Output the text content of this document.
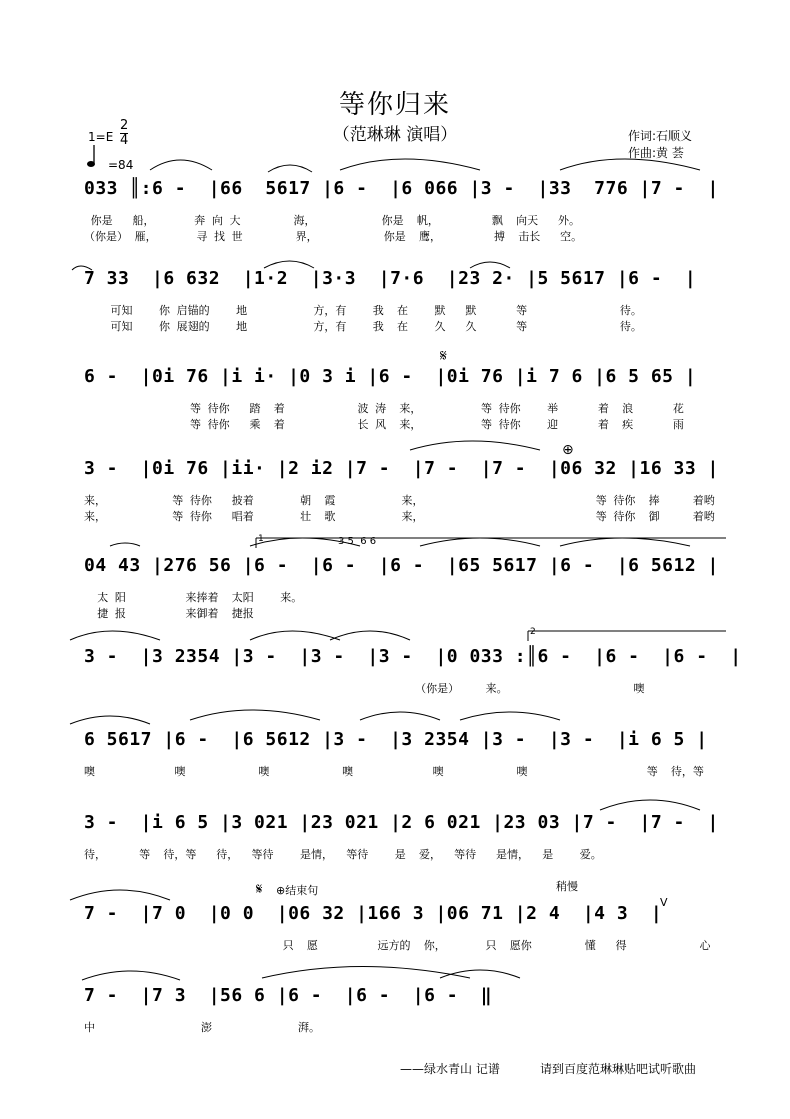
等你归来
（范琳琳 演唱）	作词:石顺义
作曲:黄 荟
1=E
2
4
=84
033 ║:6 -  |66  5617 |6 -  |6 066 |3 -  |33  776 |7 -  |
你是   船，      奔 向 大        海，          你是  帆，        飘  向天   外。
（你是） 雁，      寻 找 世        界，          你是  鹰，        搏  击长   空。
7 33  |6 632  |1·2  |3·3  |7·6  |23 2· |5 5617 |6 -  |
可知    你 启锚的    地          方，有    我  在    默   默      等              待。
可知    你 展翅的    地          方，有    我  在    久   久      等              待。
6 -  |0i 76 |i i· |0 3 i |6 -  |0i 76 |i 7 6 |6 5 65 |
等 待你   踏  着           波 涛  来，         等 待你    举      着  浪      花
等 待你   乘  着           长 风  来，         等 待你    迎      着  疾      雨
3 -  |0i 76 |ii· |2 i2 |7 -  |7 -  |7 -  |06 32 |16 33 |
来，          等 待你   披着       朝  霞          来，                          等 待你  捧     着哟
来，          等 待你   唱着       壮  歌          来，                          等 待你  御     着哟
04 43 |276 56 |6 -  |6 -  |6 -  |65 5617 |6 -  |6 5612 |
太 阳         来捧着  太阳    来。
捷 报         来御着  捷报
3 -  |3 2354 |3 -  |3 -  |3 -  |0 033 :║6 -  |6 -  |6 -  |
（你是）    来。                   噢
6 5617 |6 -  |6 5612 |3 -  |3 2354 |3 -  |3 -  |i 6 5 |
噢            噢           噢           噢            噢           噢                  等  待，等
3 -  |i 6 5 |3 021 |23 021 |2 6 021 |23 03 |7 -  |7 -  |
待，     等  待，等   待，  等待    是情，  等待    是  爱，  等待   是情，  是    爱。
7 -  |7 0  |0 0  |06 32 |166 3 |06 71 |2 4  |4 3  |
只  愿         远方的  你，      只  愿你        懂   得           心
7 -  |7 3  |56 6 |6 -  |6 -  |6 -  ‖
中                澎             湃。
𝄋
⊕
𝄋 ⊕结束句	稍慢
1
2
V
3 5  6 6
——绿水青山 记谱	请到百度范琳琳贴吧试听歌曲
